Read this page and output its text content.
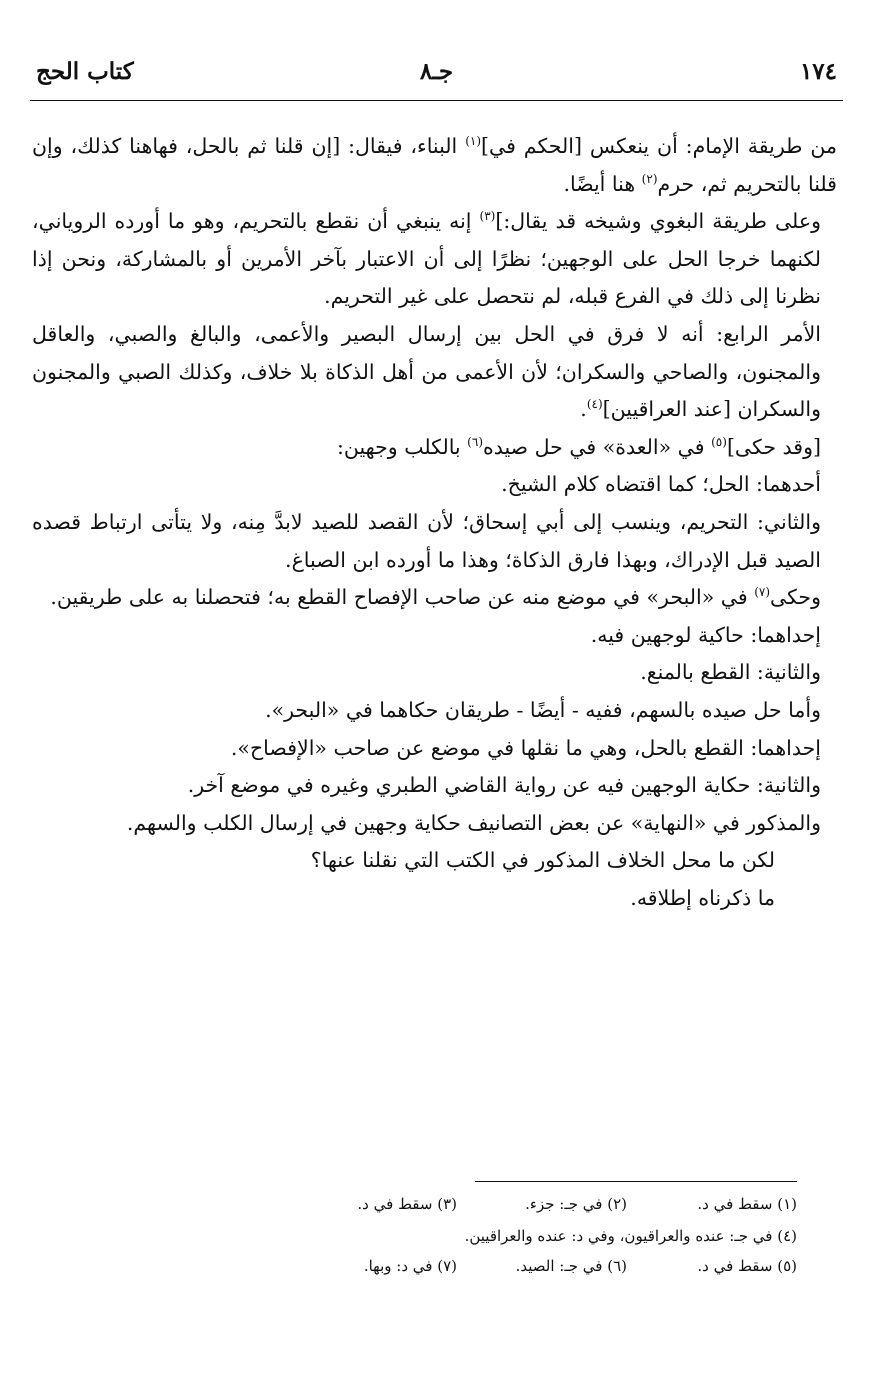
١٧٤
جـ٨
كتاب الحج

من طريقة الإمام: أن ينعكس [الحكم في]$^{(١)}$ البناء، فيقال: [إن قلنا ثم بالحل، فهاهنا كذلك، وإن قلنا بالتحريم ثم، حرم$^{(٢)}$ هنا أيضًا.

وعلى طريقة البغوي وشيخه قد يقال:]$^{(٣)}$ إنه ينبغي أن نقطع بالتحريم، وهو ما أورده الروياني، لكنهما خرجا الحل على الوجهين؛ نظرًا إلى أن الاعتبار بآخر الأمرين أو بالمشاركة، ونحن إذا نظرنا إلى ذلك في الفرع قبله، لم نتحصل على غير التحريم.

الأمر الرابع: أنه لا فرق في الحل بين إرسال البصير والأعمى، والبالغ والصبي، والعاقل والمجنون، والصاحي والسكران؛ لأن الأعمى من أهل الذكاة بلا خلاف، وكذلك الصبي والمجنون والسكران [عند العراقيين]$^{(٤)}$.

[وقد حكى]$^{(٥)}$ في «العدة» في حل صيده$^{(٦)}$ بالكلب وجهين:

أحدهما: الحل؛ كما اقتضاه كلام الشيخ.

والثاني: التحريم، وينسب إلى أبي إسحاق؛ لأن القصد للصيد لابدَّ مِنه، ولا يتأتى ارتباط قصده الصيد قبل الإدراك، وبهذا فارق الذكاة؛ وهذا ما أورده ابن الصباغ.

وحكى$^{(٧)}$ في «البحر» في موضع منه عن صاحب الإفصاح القطع به؛ فتحصلنا به على طريقين.

إحداهما: حاكية لوجهين فيه.

والثانية: القطع بالمنع.

وأما حل صيده بالسهم، ففيه - أيضًا - طريقان حكاهما في «البحر».

إحداهما: القطع بالحل، وهي ما نقلها في موضع عن صاحب «الإفصاح».

والثانية: حكاية الوجهين فيه عن رواية القاضي الطبري وغيره في موضع آخر.

والمذكور في «النهاية» عن بعض التصانيف حكاية وجهين في إرسال الكلب والسهم.

لكن ما محل الخلاف المذكور في الكتب التي نقلنا عنها؟

ما ذكرناه إطلاقه.

(١) سقط في د.(٢) في جـ: جزء.(٣) سقط في د.
(٤) في جـ: عنده والعراقيون، وفي د: عنده والعراقيين.
(٥) سقط في د.(٦) في جـ: الصيد.(٧) في د: وبها.
